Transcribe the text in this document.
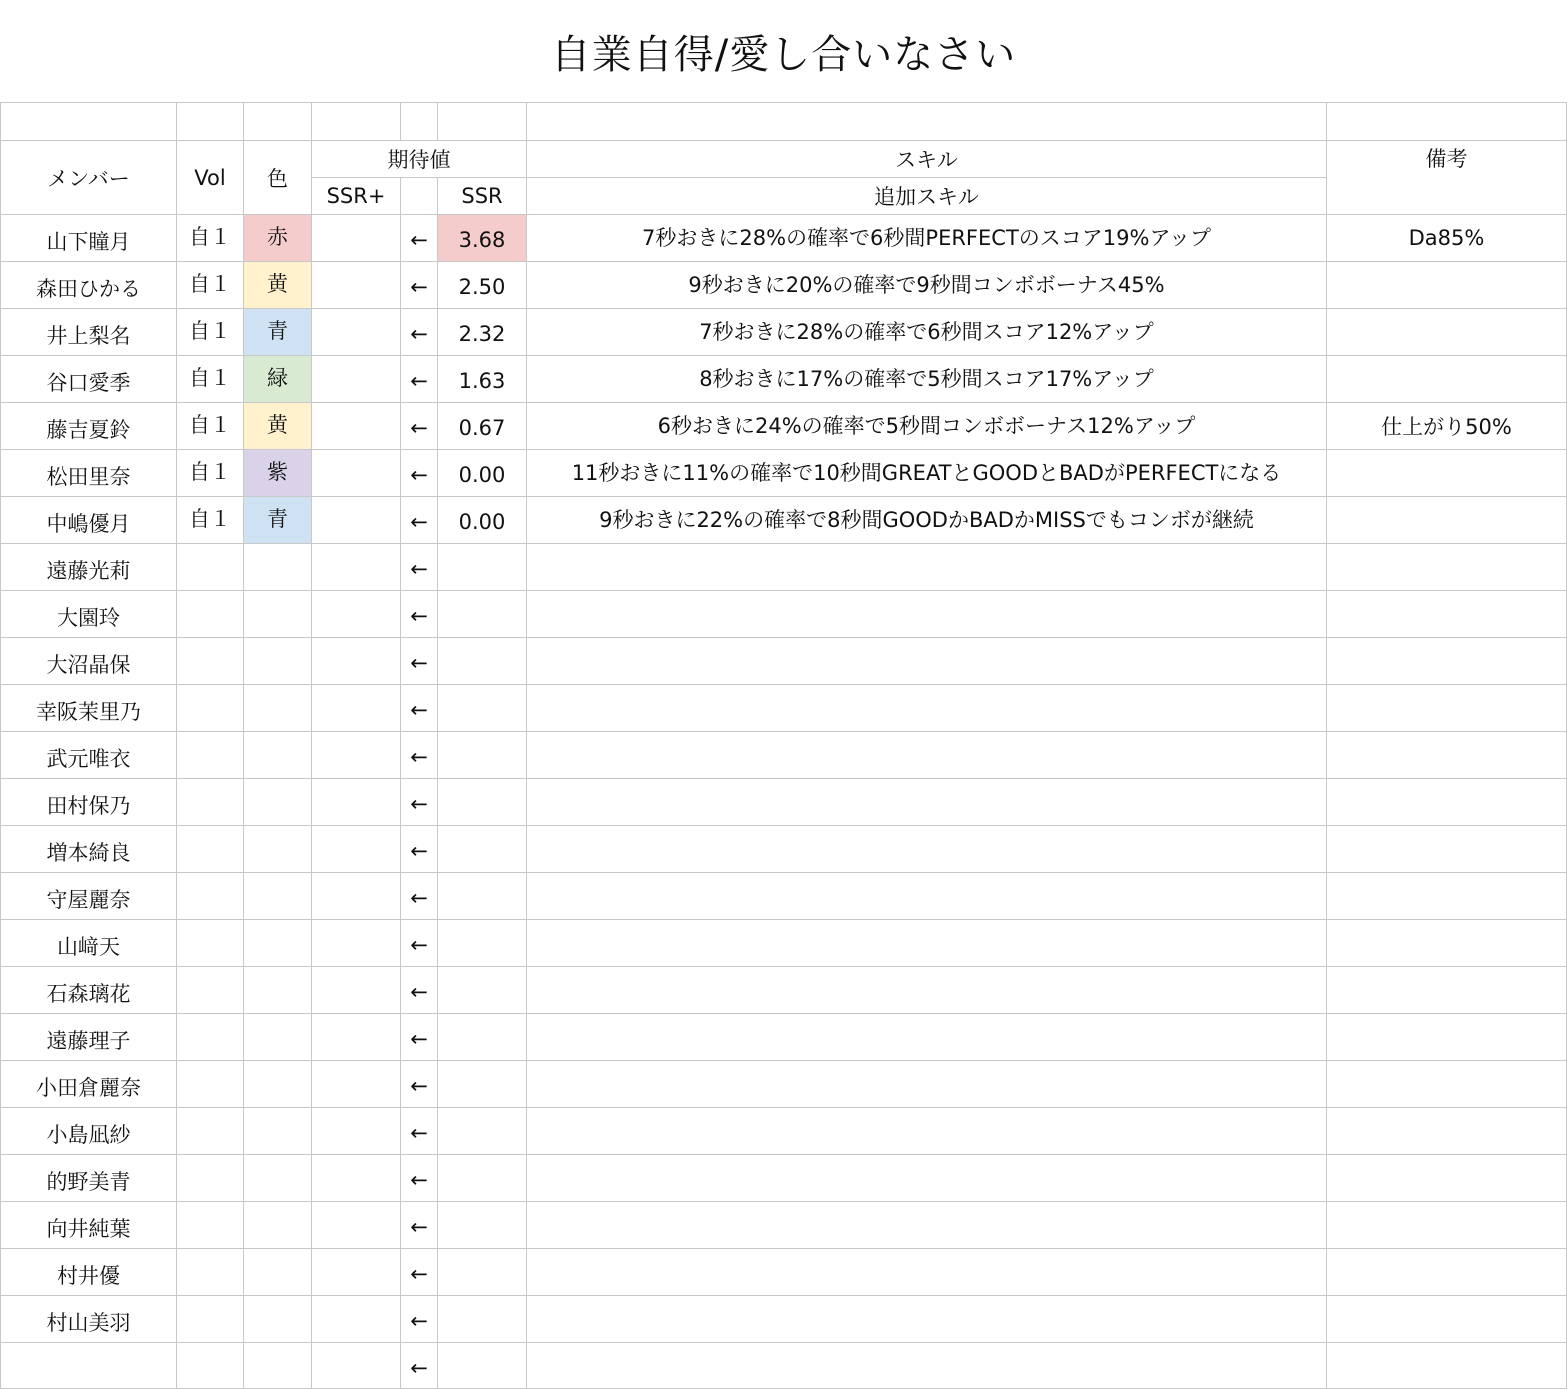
自業自得/愛し合いなさい

メンバー	Vol	色	期待値			スキル	備考
			SSR+		SSR	追加スキル	
山下瞳月	自１	赤		←	3.68	7秒おきに28%の確率で6秒間PERFECTのスコア19%アップ	Da85%
森田ひかる	自１	黄		←	2.50	9秒おきに20%の確率で9秒間コンボボーナス45%	
井上梨名	自１	青		←	2.32	7秒おきに28%の確率で6秒間スコア12%アップ	
谷口愛季	自１	緑		←	1.63	8秒おきに17%の確率で5秒間スコア17%アップ	
藤吉夏鈴	自１	黄		←	0.67	6秒おきに24%の確率で5秒間コンボボーナス12%アップ	仕上がり50%
松田里奈	自１	紫		←	0.00	11秒おきに11%の確率で10秒間GREATとGOODとBADがPERFECTになる	
中嶋優月	自１	青		←	0.00	9秒おきに22%の確率で8秒間GOODかBADかMISSでもコンボが継続	
遠藤光莉				←			
大園玲				←			
大沼晶保				←			
幸阪茉里乃				←			
武元唯衣				←			
田村保乃				←			
増本綺良				←			
守屋麗奈				←			
山﨑天				←			
石森璃花				←			
遠藤理子				←			
小田倉麗奈				←			
小島凪紗				←			
的野美青				←			
向井純葉				←			
村井優				←			
村山美羽				←			
				←			
